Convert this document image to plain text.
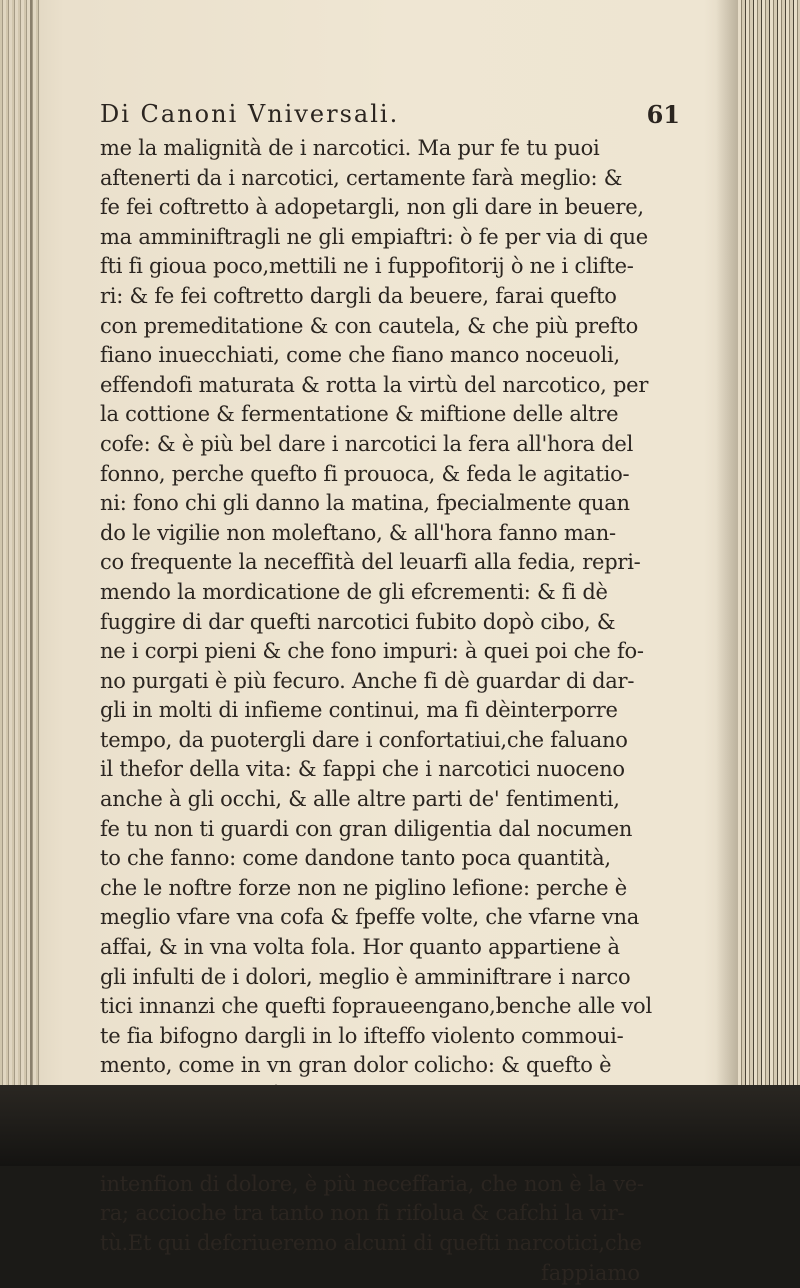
Di Canoni Vniversali.	61
me la malignità de i narcotici. Ma pur fe tu puoi
aftenerti da i narcotici, certamente farà meglio: &
fe fei coftretto à adopetargli, non gli dare in beuere,
ma amminiftragli ne gli empiaftri: ò fe per via di que
fti fi gioua poco,mettili ne i fuppofitorij ò ne i clifte-
ri: & fe fei coftretto dargli da beuere, farai quefto
con premeditatione & con cautela, & che più prefto
fiano inuecchiati, come che fiano manco noceuoli,
effendofi maturata & rotta la virtù del narcotico, per
la cottione & fermentatione & miftione delle altre
cofe: & è più bel dare i narcotici la fera all'hora del
fonno, perche quefto fi prouoca, & feda le agitatio-
ni: fono chi gli danno la matina, fpecialmente quan
do le vigilie non moleftano, & all'hora fanno man-
co frequente la neceffità del leuarfi alla fedia, repri-
mendo la mordicatione de gli efcrementi: & fi dè
fuggire di dar quefti narcotici fubito dopò cibo, &
ne i corpi pieni & che fono impuri: à quei poi che fo-
no purgati è più fecuro. Anche fi dè guardar di dar-
gli in molti di infieme continui, ma fi dèinterporre
tempo, da puotergli dare i confortatiui,che faluano
il thefor della vita: & fappi che i narcotici nuoceno
anche à gli occhi, & alle altre parti de' fentimenti,
fe tu non ti guardi con gran diligentia dal nocumen
to che fanno: come dandone tanto poca quantità,
che le noftre forze non ne piglino lefione: perche è
meglio vfare vna cofa & fpeffe volte, che vfarne vna
affai, & in vna volta fola. Hor quanto appartiene à
gli infulti de i dolori, meglio è amminiftrare i narco
tici innanzi che quefti fopraueengano,benche alle vol
te fia bifogno dargli in lo ifteffo violento commoui-
mento, come in vn gran dolor colicho: & quefto è
intenfion di dolore, è più neceffaria, che non è la ve-
ra; accioche tra tanto non fi rifolua & cafchi la vir-
tù.Et qui defcriueremo alcuni di quefti narcotici,che
fappiamo
